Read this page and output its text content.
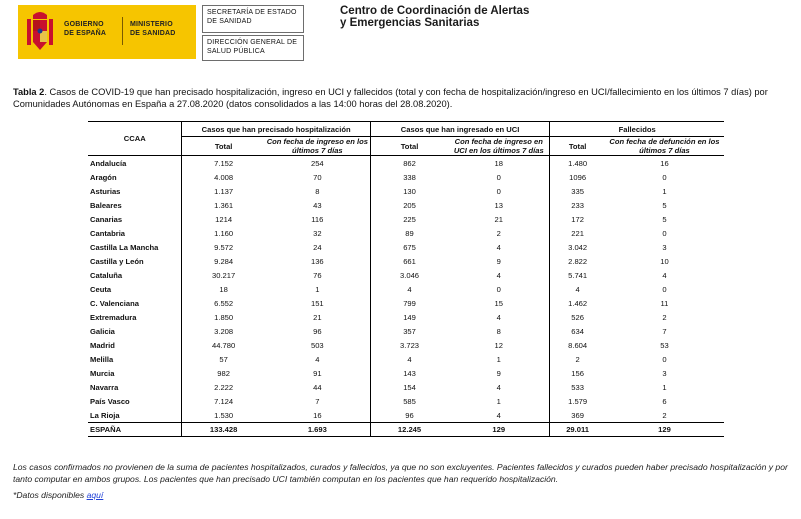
GOBIERNO
DE ESPAÑA
MINISTERIO
DE SANIDAD
SECRETARÍA DE ESTADO
DE SANIDAD
DIRECCIÓN GENERAL DE
SALUD PÚBLICA
Centro de Coordinación de Alertas
y Emergencias Sanitarias
Tabla 2. Casos de COVID-19 que han precisado hospitalización, ingreso en UCI y fallecidos (total y con fecha de hospitalización/ingreso en UCI/fallecimiento en los últimos 7 días) por Comunidades Autónomas en España a 27.08.2020 (datos consolidados a las 14:00 horas del 28.08.2020).
CCAA	Casos que han precisado hospitalización		Casos que han ingresado en UCI		Fallecidos	
	Total	Con fecha de ingreso en los últimos 7 días	Total	Con fecha de ingreso en UCI en los últimos 7 días	Total	Con fecha de defunción en los últimos 7 días
Andalucía	7.152	254	862	18	1.480	16
Aragón	4.008	70	338	0	1096	0
Asturias	1.137	8	130	0	335	1
Baleares	1.361	43	205	13	233	5
Canarias	1214	116	225	21	172	5
Cantabria	1.160	32	89	2	221	0
Castilla La Mancha	9.572	24	675	4	3.042	3
Castilla y León	9.284	136	661	9	2.822	10
Cataluña	30.217	76	3.046	4	5.741	4
Ceuta	18	1	4	0	4	0
C. Valenciana	6.552	151	799	15	1.462	11
Extremadura	1.850	21	149	4	526	2
Galicia	3.208	96	357	8	634	7
Madrid	44.780	503	3.723	12	8.604	53
Melilla	57	4	4	1	2	0
Murcia	982	91	143	9	156	3
Navarra	2.222	44	154	4	533	1
País Vasco	7.124	7	585	1	1.579	6
La Rioja	1.530	16	96	4	369	2
ESPAÑA	133.428	1.693	12.245	129	29.011	129
Los casos confirmados no provienen de la suma de pacientes hospitalizados, curados y fallecidos, ya que no son excluyentes. Pacientes fallecidos y curados pueden haber precisado hospitalización y por tanto computar en ambos grupos. Los pacientes que han precisado UCI también computan en los pacientes que han requerido hospitalización.
*Datos disponibles aquí
